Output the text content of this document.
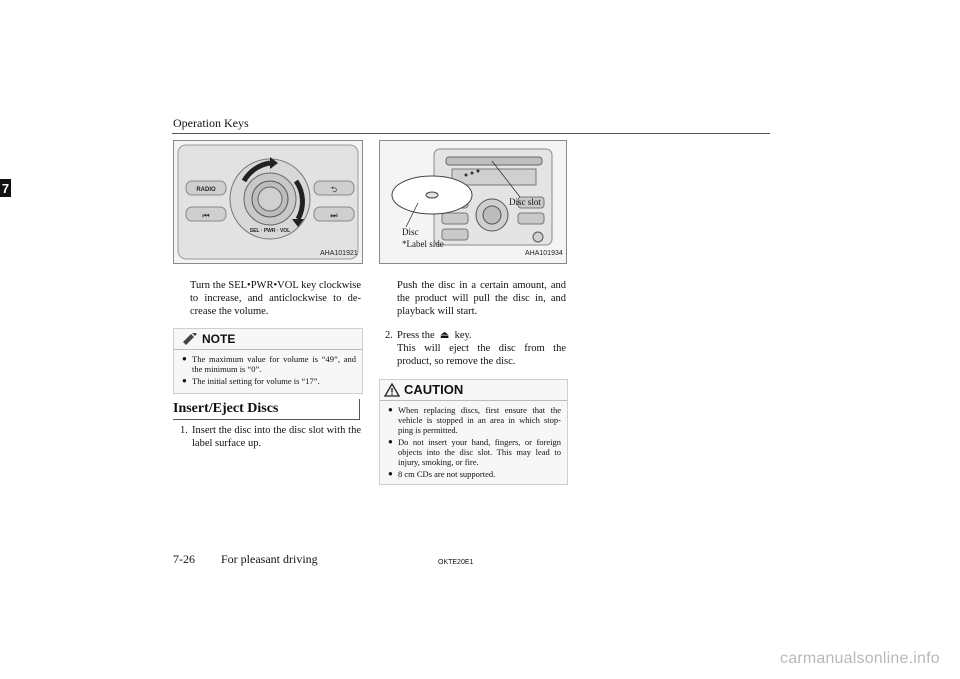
Operation Keys
7	RADIO
⏮
⮌
⏭
SEL · PWR · VOL
AHA101921
Disc slot
Disc
*Label side
AHA101934
Turn the SEL•PWR•VOL key clockwise to increase, and anticlockwise to de- crease the volume.
NOTE
● The maximum value for volume is “49”, and the minimum is “0”.
● The initial setting for volume is “17”.
Insert/Eject Discs
1. Insert the disc into the disc slot with the label surface up.
Push the disc in a certain amount, and the product will pull the disc in, and playback will start.
2. Press the ⏏ key.
This will eject the disc from the product, so remove the disc.
CAUTION
● When replacing discs, first ensure that the vehicle is stopped in an area in which stop- ping is permitted.
● Do not insert your hand, fingers, or foreign objects into the disc slot. This may lead to injury, smoking, or fire.
● 8 cm CDs are not supported.
7-26 For pleasant driving	OKTE20E1
carmanualsonline.info
